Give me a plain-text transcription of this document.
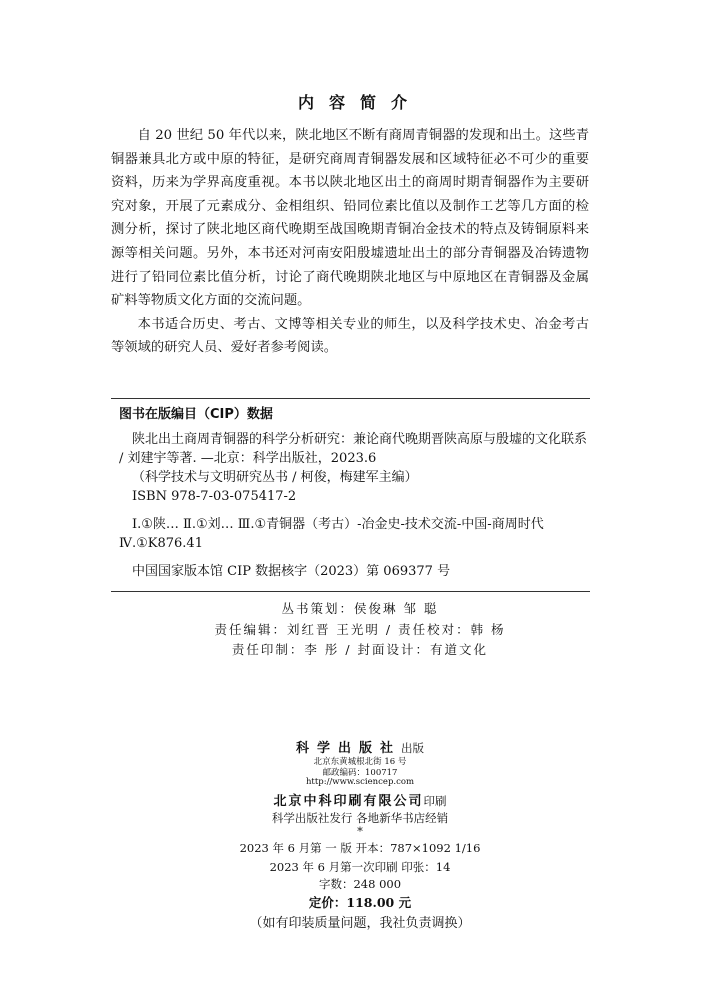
内容简介

自 20 世纪 50 年代以来，陕北地区不断有商周青铜器的发现和出土。这些青铜器兼具北方或中原的特征，是研究商周青铜器发展和区域特征必不可少的重要资料，历来为学界高度重视。本书以陕北地区出土的商周时期青铜器作为主要研究对象，开展了元素成分、金相组织、铅同位素比值以及制作工艺等几方面的检测分析，探讨了陕北地区商代晚期至战国晚期青铜冶金技术的特点及铸铜原料来源等相关问题。另外，本书还对河南安阳殷墟遗址出土的部分青铜器及冶铸遗物进行了铅同位素比值分析，讨论了商代晚期陕北地区与中原地区在青铜器及金属矿料等物质文化方面的交流问题。

本书适合历史、考古、文博等相关专业的师生，以及科学技术史、冶金考古等领域的研究人员、爱好者参考阅读。

图书在版编目（CIP）数据

陕北出土商周青铜器的科学分析研究：兼论商代晚期晋陕高原与殷墟的文化联系 / 刘建宇等著. —北京：科学出版社，2023.6

（科学技术与文明研究丛书 / 柯俊，梅建军主编）

ISBN 978-7-03-075417-2

Ⅰ.①陕… Ⅱ.①刘… Ⅲ.①青铜器（考古）-冶金史-技术交流-中国-商周时代 Ⅳ.①K876.41

中国国家版本馆 CIP 数据核字（2023）第 069377 号

丛书策划：侯俊琳 邹 聪
责任编辑：刘红晋 王光明 / 责任校对：韩 杨
责任印制：李 彤 / 封面设计：有道文化
科学出版社出版
北京东黄城根北街 16 号
邮政编码：100717
http://www.sciencep.com
北京中科印刷有限公司印刷
科学出版社发行 各地新华书店经销
*
2023 年 6 月第 一 版 开本：787×1092 1/16
2023 年 6 月第一次印刷 印张：14
字数：248 000
定价：118.00 元
（如有印装质量问题，我社负责调换）
